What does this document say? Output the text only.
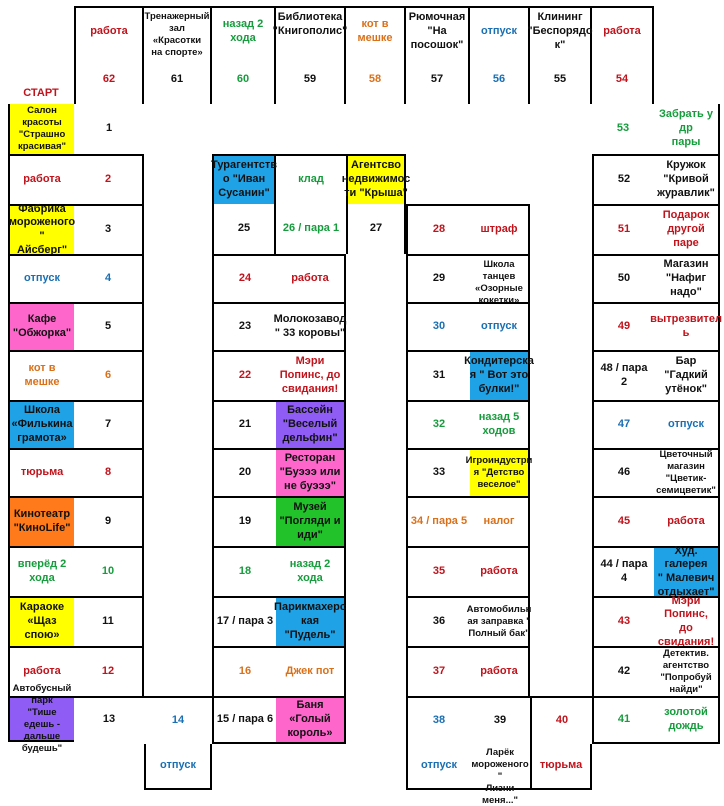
СТАРТ
работа
62
Тренажерный
зал «Красотки
на спорте»
61
назад 2
хода
60
Библиотека
"Книгополис"
59
кот в
мешке
58
Рюмочная
"На
посошок"
57
отпуск
56
Клининг
"Беспорядо
к"
55
работа
54
Салон
красоты
"Страшно
красивая"
1
работа	2
Фабрика
мороженого "
Айсберг"
3
отпуск	4
Кафе
"Обжорка"
5
кот в мешке
6
Школа
«Филькина
грамота»
7
тюрьма	8
Кинотеатр
"КиноLife"
9
вперёд 2
хода
10
Караоке
«Щаз спою»
11
работа	12
Автобусный парк
"Тише едешь -
дальше будешь"
13	14
отпуск
Турагентств
о "Иван
Сусанин"
25
клад
26 / пара 1
Агентсво
недвижимос
ти "Крыша"
27
24	работа
23
Молокозавод
" 33 коровы"
22
Мэри
Попинс, до
свидания!
21
Бассейн
"Веселый
дельфин"
20
Ресторан
"Буэээ или
не буэээ"
19
Музей
"Погляди и
иди"
18
назад 2 хода
17 / пара 3
Парикмахерс
кая "Пудель"
16	Джек пот
15 / пара 6
Баня «Голый
король»
28	штраф
29
Школа
танцев
«Озорные
кокетки»
30	отпуск
31
Кондитерска
я " Вот это
булки!"
32
назад 5
ходов
33
Игроиндустри
я "Детство
веселое"
34 / пара 5	налог
35	работа
36
Автомобильн
ая заправка "
Полный бак"
37	работа
38
отпуск
39
Ларёк
мороженого "
Лизни
меня..."
40
тюрьма
53
Забрать у др
пары
52
Кружок
"Кривой
журавлик"
51
Подарок
другой паре
50
Магазин
"Нафиг
надо"
49
вытрезвител
ь
48 / пара 2
Бар "Гадкий
утёнок"
47	отпуск
46
Цветочный
магазин
"Цветик-
семицветик"
45	работа
44 / пара 4
Худ. галерея
" Малевич
отдыхает"
43
Мэри
Попинс, до
свидания!
42
Детектив.
агентство
"Попробуй
найди"
41
золотой
дождь
